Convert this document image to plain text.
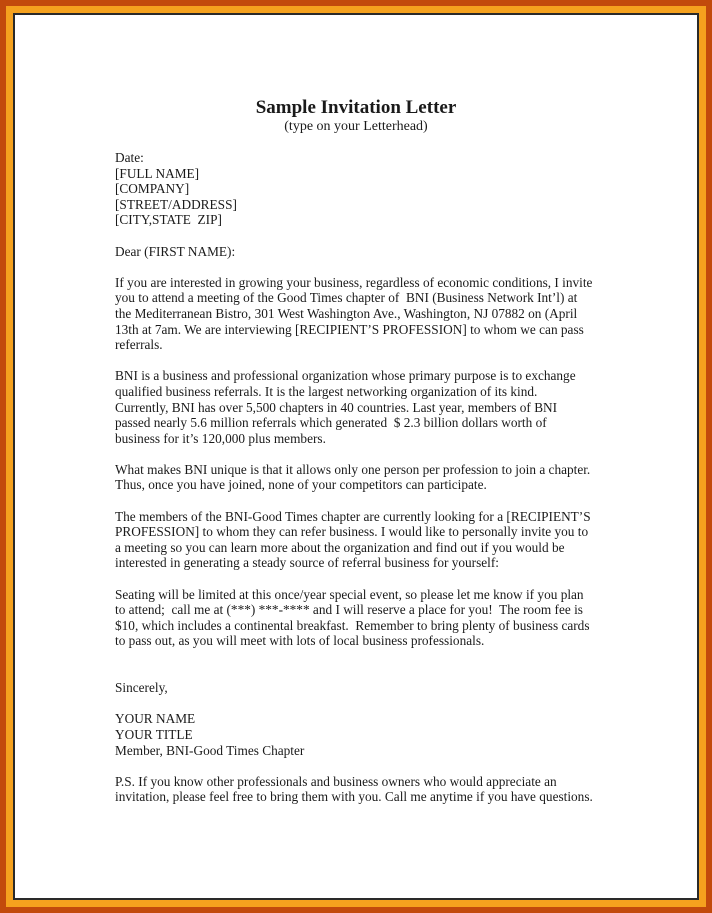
Sample Invitation Letter
(type on your Letterhead)
Date:
[FULL NAME]
[COMPANY]
[STREET/ADDRESS]
[CITY,STATE  ZIP]
Dear (FIRST NAME):
If you are interested in growing your business, regardless of economic conditions, I invite
you to attend a meeting of the Good Times chapter of  BNI (Business Network Int’l) at
the Mediterranean Bistro, 301 West Washington Ave., Washington, NJ 07882 on (April
13th at 7am. We are interviewing [RECIPIENT’S PROFESSION] to whom we can pass
referrals.
BNI is a business and professional organization whose primary purpose is to exchange
qualified business referrals. It is the largest networking organization of its kind.
Currently, BNI has over 5,500 chapters in 40 countries. Last year, members of BNI
passed nearly 5.6 million referrals which generated  $ 2.3 billion dollars worth of
business for it’s 120,000 plus members.
What makes BNI unique is that it allows only one person per profession to join a chapter.
Thus, once you have joined, none of your competitors can participate.
The members of the BNI-Good Times chapter are currently looking for a [RECIPIENT’S
PROFESSION] to whom they can refer business. I would like to personally invite you to
a meeting so you can learn more about the organization and find out if you would be
interested in generating a steady source of referral business for yourself:
Seating will be limited at this once/year special event, so please let me know if you plan
to attend;  call me at (***) ***-**** and I will reserve a place for you!  The room fee is
$10, which includes a continental breakfast.  Remember to bring plenty of business cards
to pass out, as you will meet with lots of local business professionals.
Sincerely,
YOUR NAME
YOUR TITLE
Member, BNI-Good Times Chapter
P.S. If you know other professionals and business owners who would appreciate an
invitation, please feel free to bring them with you. Call me anytime if you have questions.
